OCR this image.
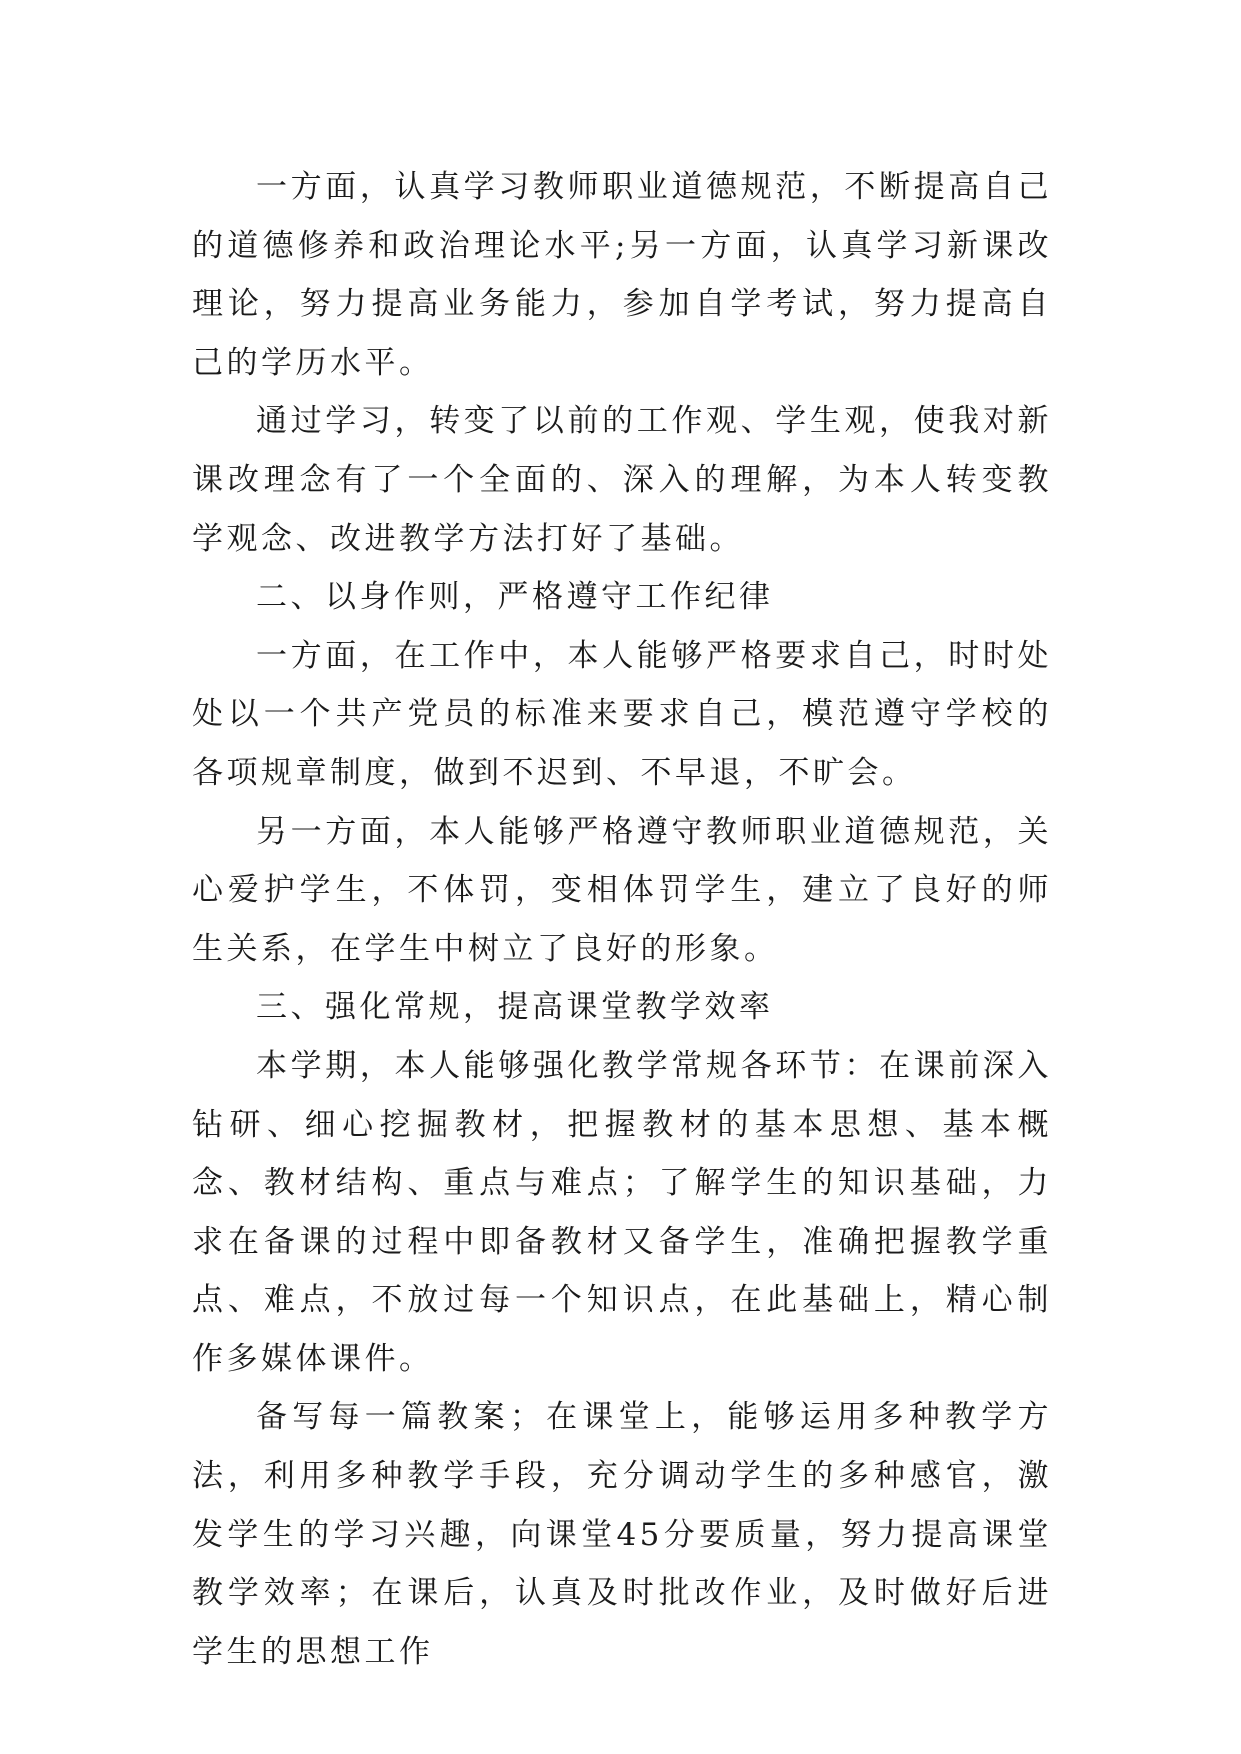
一方面，认真学习教师职业道德规范，不断提高自己的道德修养和政治理论水平;另一方面，认真学习新课改理论，努力提高业务能力，参加自学考试，努力提高自己的学历水平。

通过学习，转变了以前的工作观、学生观，使我对新课改理念有了一个全面的、深入的理解，为本人转变教学观念、改进教学方法打好了基础。

二、以身作则，严格遵守工作纪律

一方面，在工作中，本人能够严格要求自己，时时处处以一个共产党员的标准来要求自己，模范遵守学校的各项规章制度，做到不迟到、不早退，不旷会。

另一方面，本人能够严格遵守教师职业道德规范，关心爱护学生，不体罚，变相体罚学生，建立了良好的师生关系，在学生中树立了良好的形象。

三、强化常规，提高课堂教学效率

本学期，本人能够强化教学常规各环节：在课前深入钻研、细心挖掘教材，把握教材的基本思想、基本概念、教材结构、重点与难点；了解学生的知识基础，力求在备课的过程中即备教材又备学生，准确把握教学重点、难点，不放过每一个知识点，在此基础上，精心制作多媒体课件。

备写每一篇教案；在课堂上，能够运用多种教学方法，利用多种教学手段，充分调动学生的多种感官，激发学生的学习兴趣，向课堂45分要质量，努力提高课堂教学效率；在课后，认真及时批改作业，及时做好后进学生的思想工作
